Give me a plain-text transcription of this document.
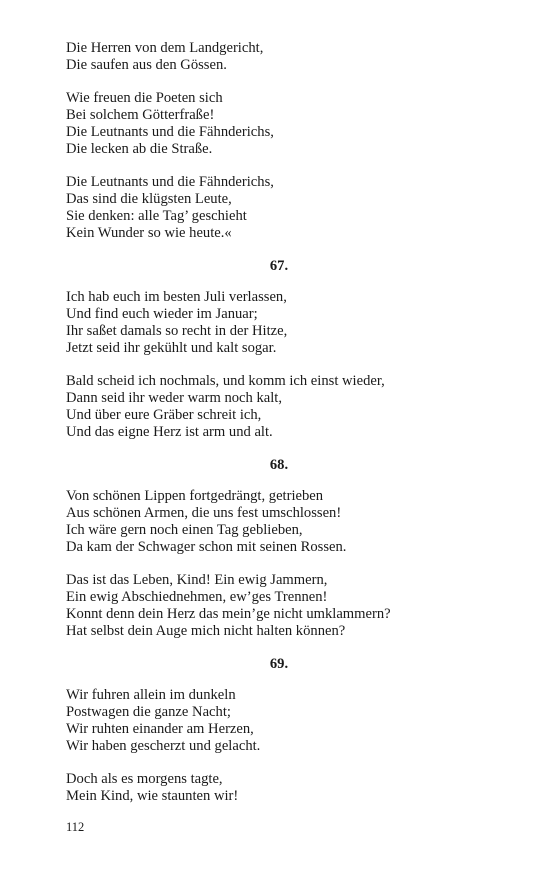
Die Herren von dem Landgericht,
Die saufen aus den Gössen.
Wie freuen die Poeten sich
Bei solchem Götterfraße!
Die Leutnants und die Fähnderichs,
Die lecken ab die Straße.
Die Leutnants und die Fähnderichs,
Das sind die klügsten Leute,
Sie denken: alle Tag’ geschieht
Kein Wunder so wie heute.«
67.
Ich hab euch im besten Juli verlassen,
Und find euch wieder im Januar;
Ihr saßet damals so recht in der Hitze,
Jetzt seid ihr gekühlt und kalt sogar.
Bald scheid ich nochmals, und komm ich einst wieder,
Dann seid ihr weder warm noch kalt,
Und über eure Gräber schreit ich,
Und das eigne Herz ist arm und alt.
68.
Von schönen Lippen fortgedrängt, getrieben
Aus schönen Armen, die uns fest umschlossen!
Ich wäre gern noch einen Tag geblieben,
Da kam der Schwager schon mit seinen Rossen.
Das ist das Leben, Kind! Ein ewig Jammern,
Ein ewig Abschiednehmen, ew’ges Trennen!
Konnt denn dein Herz das mein’ge nicht umklammern?
Hat selbst dein Auge mich nicht halten können?
69.
Wir fuhren allein im dunkeln
Postwagen die ganze Nacht;
Wir ruhten einander am Herzen,
Wir haben gescherzt und gelacht.
Doch als es morgens tagte,
Mein Kind, wie staunten wir!
112
